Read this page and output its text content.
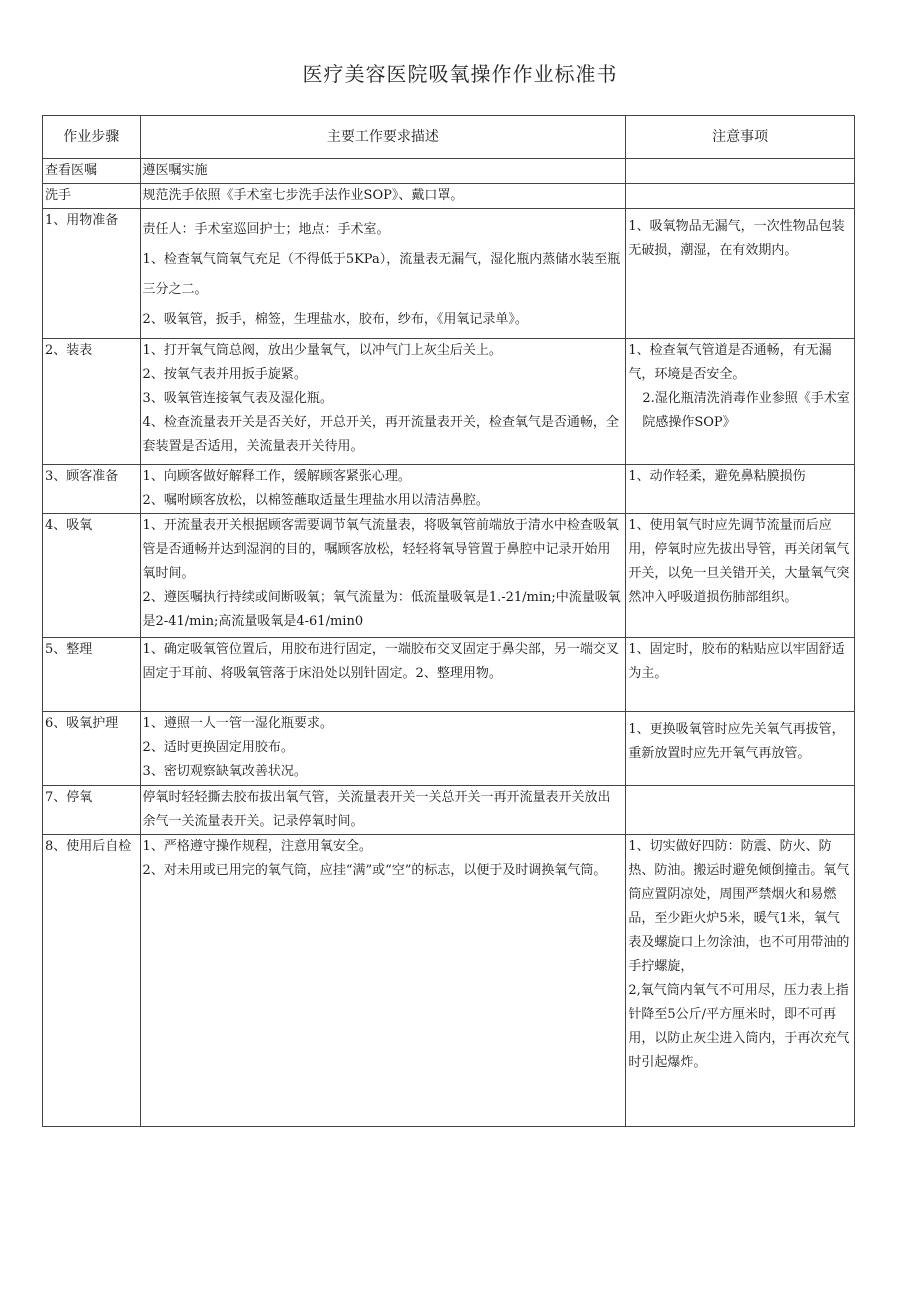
医疗美容医院吸氧操作作业标准书
作业步骤	主要工作要求描述	注意事项
查看医嘱	遵医嘱实施	

洗手	规范洗手依照《手术室七步洗手法作业SOP》、戴口罩。	

1、用物准备	责任人：手术室巡回护士；地点：手术室。
1、检查氧气筒氧气充足（不得低于5KPa），流量表无漏气，湿化瓶内蒸储水装至瓶三分之二。
2、吸氧管，扳手，棉签，生理盐水，胶布，纱布，《用氧记录单》。	1、吸氧物品无漏气，一次性物品包装无破损，潮湿，在有效期内。

2、装表	1、打开氧气筒总阀，放出少量氧气，以冲气门上灰尘后关上。
2、按氧气表并用扳手旋紧。
3、吸氧管连接氧气表及湿化瓶。
4、检查流量表开关是否关好，开总开关，再开流量表开关，检查氧气是否通畅，全套装置是否适用，关流量表开关待用。	1、检查氧气管道是否通畅，有无漏气，环境是否安全。
2.湿化瓶清洗消毒作业参照《手术室院感操作SOP》

3、顾客准备	1、向顾客做好解释工作，缓解顾客紧张心理。
2、嘱咐顾客放松，以棉签蘸取适量生理盐水用以清洁鼻腔。	1、动作轻柔，避免鼻粘膜损伤

4、吸氧	1、开流量表开关根据顾客需要调节氧气流量表，将吸氧管前端放于清水中检查吸氧管是否通畅并达到湿润的目的，嘱顾客放松，轻轻将氧导管置于鼻腔中记录开始用氧时间。
2、遵医嘱执行持续或间断吸氧；氧气流量为：低流量吸氧是1.-21∕min;中流量吸氧是2-41∕min;高流量吸氧是4-61∕min0	1、使用氧气时应先调节流量而后应用，停氧时应先拔出导管，再关闭氧气开关，以免一旦关错开关，大量氧气突然冲入呼吸道损伤肺部组织。

5、整理	1、确定吸氧管位置后，用胶布进行固定，一端胶布交叉固定于鼻尖部，另一端交叉固定于耳前、将吸氧管落于床沿处以别针固定。2、整理用物。	1、固定时，胶布的粘贴应以牢固舒适为主。

6、吸氧护理	1、遵照一人一管一湿化瓶要求。
2、适时更换固定用胶布。
3、密切观察缺氧改善状况。	1、更换吸氧管时应先关氧气再拔管，重新放置时应先开氧气再放管。

7、停氧	停氧时轻轻撕去胶布拔出氧气管，关流量表开关一关总开关一再开流量表开关放出余气一关流量表开关。记录停氧时间。	

8、使用后自检	1、严格遵守操作规程，注意用氧安全。
2、对未用或已用完的氧气筒，应挂“满”或“空”的标志，以便于及时调换氧气筒。	1、切实做好四防：防震、防火、防热、防油。搬运时避免倾倒撞击。氧气筒应置阴凉处，周围严禁烟火和易燃品，至少距火炉5米，暖气1米，氧气表及螺旋口上勿涂油，也不可用带油的手拧螺旋，
2,氧气筒内氧气不可用尽，压力表上指针降至5公斤/平方厘米时，即不可再用，以防止灰尘进入筒内，于再次充气时引起爆炸。
